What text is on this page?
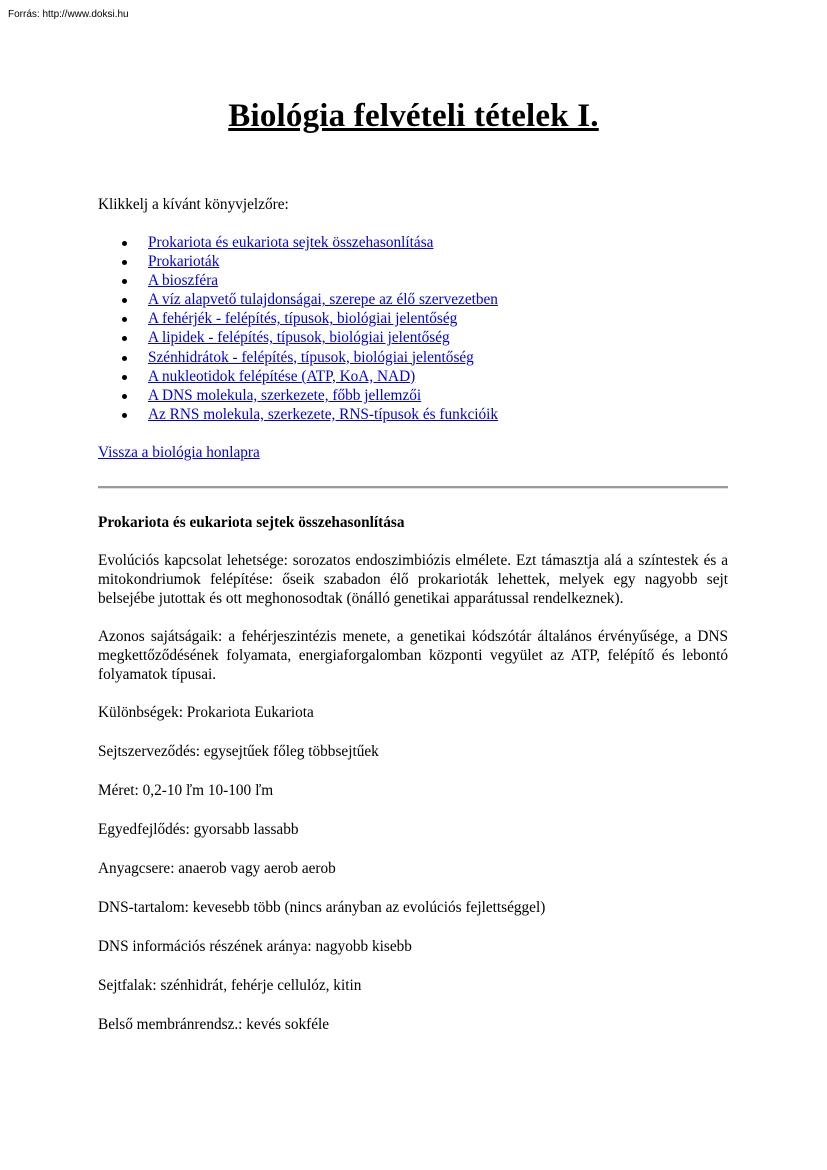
Forrás: http://www.doksi.hu
Biológia felvételi tételek I.

Klikkelj a kívánt könyvjelzőre:

Prokariota és eukariota sejtek összehasonlítása
Prokarioták
A bioszféra
A víz alapvető tulajdonságai, szerepe az élő szervezetben
A fehérjék - felépítés, típusok, biológiai jelentőség
A lipidek - felépítés, típusok, biológiai jelentőség
Szénhidrátok - felépítés, típusok, biológiai jelentőség
A nukleotidok felépítése (ATP, KoA, NAD)
A DNS molekula, szerkezete, főbb jellemzői
Az RNS molekula, szerkezete, RNS-típusok és funkcióik

Vissza a biológia honlapra

Prokariota és eukariota sejtek összehasonlítása

Evolúciós kapcsolat lehetsége: sorozatos endoszimbiózis elmélete. Ezt támasztja alá a színtestek és a mitokondriumok felépítése: őseik szabadon élő prokarioták lehettek, melyek egy nagyobb sejt belsejébe jutottak és ott meghonosodtak (önálló genetikai apparátussal rendelkeznek).

Azonos sajátságaik: a fehérjeszintézis menete, a genetikai kódszótár általános érvényűsége, a DNS megkettőződésének folyamata, energiaforgalomban központi vegyület az ATP, felépítő és lebontó folyamatok típusai.

Különbségek: Prokariota Eukariota

Sejtszerveződés: egysejtűek főleg többsejtűek

Méret: 0,2-10 ľm 10-100 ľm

Egyedfejlődés: gyorsabb lassabb

Anyagcsere: anaerob vagy aerob aerob

DNS-tartalom: kevesebb több (nincs arányban az evolúciós fejlettséggel)

DNS információs részének aránya: nagyobb kisebb

Sejtfalak: szénhidrát, fehérje cellulóz, kitin

Belső membránrendsz.: kevés sokféle
